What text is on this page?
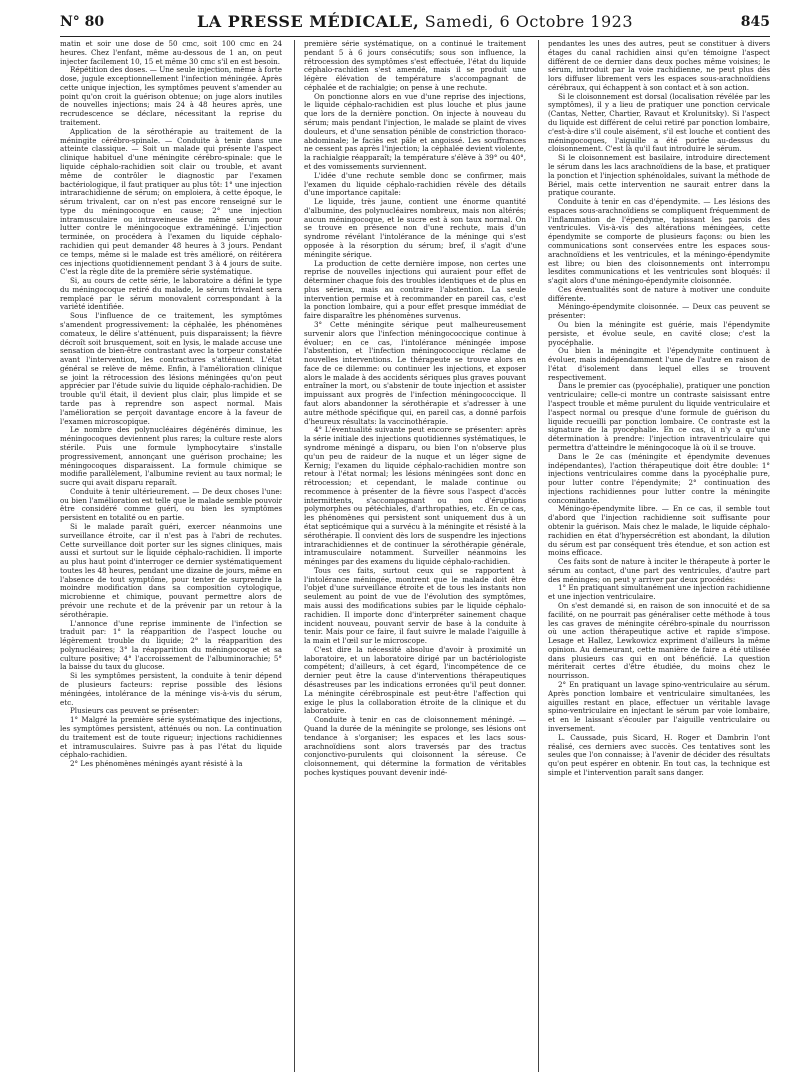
N° 80	LA PRESSE MÉDICALE, Samedi, 6 Octobre 1923	845

matin et soir une dose de 50 cmc, soit 100 cmc en 24 heures. Chez l'enfant, même au-dessous de 1 an, on peut injecter facilement 10, 15 et même 30 cmc s'il en est besoin.

Répétition des doses. — Une seule injection, même à forte dose, jugule exceptionnellement l'infection méningée. Après cette unique injection, les symptômes peuvent s'amender au point qu'on croit la guérison obtenue; on juge alors inutiles de nouvelles injections; mais 24 à 48 heures après, une recrudescence se déclare, nécessitant la reprise du traitement.

Application de la sérothérapie au traitement de la méningite cérébro-spinale. — Conduite à tenir dans une atteinte classique. — Soit un malade qui présente l'aspect clinique habituel d'une méningite cérébro-spinale: que le liquide céphalo-rachidien soit clair ou trouble, et avant même de contrôler le diagnostic par l'examen bactériologique, il faut pratiquer au plus tôt: 1° une injection intrarachidienne de sérum; on emploiera, à cette époque, le sérum trivalent, car on n'est pas encore renseigné sur le type du méningocoque en cause; 2° une injection intramusculaire ou intraveineuse de même sérum pour lutter contre le méningocoque extraméningé. L'injection terminée, on procédera à l'examen du liquide céphalo-rachidien qui peut demander 48 heures à 3 jours. Pendant ce temps, même si le malade est très amélioré, on réitérera ces injections quotidiennement pendant 3 à 4 jours de suite. C'est la règle dite de la première série systématique.

Si, au cours de cette série, le laboratoire a défini le type du méningocoque retiré du malade, le sérum trivalent sera remplacé par le sérum monovalent correspondant à la variété identifiée.

Sous l'influence de ce traitement, les symptômes s'amendent progressivement: la céphalée, les phénomènes comateux, le délire s'atténuent, puis disparaissent; la fièvre décroît soit brusquement, soit en lysis, le malade accuse une sensation de bien-être contrastant avec la torpeur constatée avant l'intervention, les contractures s'atténuent. L'état général se relève de même. Enfin, à l'amélioration clinique se joint la rétrocession des lésions méningées qu'on peut apprécier par l'étude suivie du liquide céphalo-rachidien. De trouble qu'il était, il devient plus clair, plus limpide et se tarde pas à reprendre son aspect normal. Mais l'amélioration se perçoit davantage encore à la faveur de l'examen microscopique.

Le nombre des polynucléaires dégénérés diminue, les méningocoques deviennent plus rares; la culture reste alors stérile. Puis une formule lymphocytaire s'installe progressivement, annonçant une guérison prochaine; les méningocoques disparaissent. La formule chimique se modifie parallèlement, l'albumine revient au taux normal; le sucre qui avait disparu reparaît.

Conduite à tenir ultérieurement. — De deux choses l'une: ou bien l'amélioration est telle que le malade semble pouvoir être considéré comme guéri, ou bien les symptômes persistent en totalité ou en partie.

Si le malade paraît guéri, exercer néanmoins une surveillance étroite, car il n'est pas à l'abri de rechutes. Cette surveillance doit porter sur les signes cliniques, mais aussi et surtout sur le liquide céphalo-rachidien. Il importe au plus haut point d'interroger ce dernier systématiquement toutes les 48 heures, pendant une dizaine de jours, même en l'absence de tout symptôme, pour tenter de surprendre la moindre modification dans sa composition cytologique, microbienne et chimique, pouvant permettre alors de prévoir une rechute et de la prévenir par un retour à la sérothérapie.

L'annonce d'une reprise imminente de l'infection se traduit par: 1° la réapparition de l'aspect louche ou légèrement trouble du liquide; 2° la réapparition des polynucléaires; 3° la réapparition du méningocoque et sa culture positive; 4° l'accroissement de l'albuminorachie; 5° la baisse du taux du glucose.

Si les symptômes persistent, la conduite à tenir dépend de plusieurs facteurs: reprise possible des lésions méningées, intolérance de la méninge vis-à-vis du sérum, etc.

Plusieurs cas peuvent se présenter:

1° Malgré la première série systématique des injections, les symptômes persistent, atténués ou non. La continuation du traitement est de toute rigueur; injections rachidiennes et intramusculaires. Suivre pas à pas l'état du liquide céphalo-rachidien.

2° Les phénomènes méningés ayant résisté à la

première série systématique, on a continué le traitement pendant 5 à 6 jours consécutifs; sous son influence, la rétrocession des symptômes s'est effectuée, l'état du liquide céphalo-rachidien s'est amendé, mais il se produit une légère élévation de température s'accompagnant de céphalée et de rachialgie; on pense à une rechute.

On ponctionne alors en vue d'une reprise des injections, le liquide céphalo-rachidien est plus louche et plus jaune que lors de la dernière ponction. On injecte à nouveau du sérum; mais pendant l'injection, le malade se plaint de vives douleurs, et d'une sensation pénible de constriction thoraco-abdominale; le faciès est pâle et angoissé. Les souffrances ne cessent pas après l'injection; la céphalée devient violente, la rachialgie réapparaît; la température s'élève à 39° ou 40°, et des vomissements surviennent.

L'idée d'une rechute semble donc se confirmer, mais l'examen du liquide céphalo-rachidien révèle des détails d'une importance capitale:

Le liquide, très jaune, contient une énorme quantité d'albumine, des polynucléaires nombreux, mais non altérés; aucun méningocoque, et le sucre est à son taux normal. On se trouve en présence non d'une rechute, mais d'un syndrome révélant l'intolérance de la méninge qui s'est opposée à la résorption du sérum; bref, il s'agit d'une méningite sérique.

La production de cette dernière impose, non certes une reprise de nouvelles injections qui auraient pour effet de déterminer chaque fois des troubles identiques et de plus en plus sérieux, mais au contraire l'abstention. La seule intervention permise et à recommander en pareil cas, c'est la ponction lombaire, qui a pour effet presque immédiat de faire disparaître les phénomènes survenus.

3° Cette méningite sérique peut malheureusement survenir alors que l'infection méningococcique continue à évoluer; en ce cas, l'intolérance méningée impose l'abstention, et l'infection méningococcique réclame de nouvelles interventions. Le thérapeute se trouve alors en face de ce dilemme: ou continuer les injections, et exposer alors le malade à des accidents sériques plus graves pouvant entraîner la mort, ou s'abstenir de toute injection et assister impuissant aux progrès de l'infection méningococcique. Il faut alors abandonner la sérothérapie et s'adresser à une autre méthode spécifique qui, en pareil cas, a donné parfois d'heureux résultats: la vaccinothérapie.

4° L'éventualité suivante peut encore se présenter: après la série initiale des injections quotidiennes systématiques, le syndrome méningé a disparu, ou bien l'on n'observe plus qu'un peu de raideur de la nuque et un léger signe de Kernig; l'examen du liquide céphalo-rachidien montre son retour à l'état normal; les lésions méningées sont donc en rétrocession; et cependant, le malade continue ou recommence à présenter de la fièvre sous l'aspect d'accès intermittents, s'accompagnant ou non d'éruptions polymorphes ou pétéchiales, d'arthropathies, etc. En ce cas, les phénomènes qui persistent sont uniquement dus à un état septicémique qui a survécu à la méningite et résisté à la sérothérapie. Il convient dès lors de suspendre les injections intrarachidiennes et de continuer la sérothérapie générale, intramusculaire notamment. Surveiller néanmoins les méninges par des examens du liquide céphalo-rachidien.

Tous ces faits, surtout ceux qui se rapportent à l'intolérance méningée, montrent que le malade doit être l'objet d'une surveillance étroite et de tous les instants non seulement au point de vue de l'évolution des symptômes, mais aussi des modifications subies par le liquide céphalo-rachidien. Il importe donc d'interpréter sainement chaque incident nouveau, pouvant servir de base à la conduite à tenir. Mais pour ce faire, il faut suivre le malade l'aiguille à la main et l'œil sur le microscope.

C'est dire la nécessité absolue d'avoir à proximité un laboratoire, et un laboratoire dirigé par un bactériologiste compétent; d'ailleurs, à cet égard, l'incompétence de ce dernier peut être la cause d'interventions thérapeutiques désastreuses par les indications erronées qu'il peut donner. La méningite cérébrospinale est peut-être l'affection qui exige le plus la collaboration étroite de la clinique et du laboratoire.

Conduite à tenir en cas de cloisonnement méningé. — Quand la durée de la méningite se prolonge, ses lésions ont tendance à s'organiser; les espaces et les lacs sous-arachnoïdiens sont alors traversés par des tractus conjonctivo-purulents qui cloisonnent la séreuse. Ce cloisonnement, qui détermine la formation de véritables poches kystiques pouvant devenir indé-

pendantes les unes des autres, peut se constituer à divers étages du canal rachidien ainsi qu'en témoigne l'aspect différent de ce dernier dans deux poches même voisines; le sérum, introduit par la voie rachidienne, ne peut plus dès lors diffuser librement vers les espaces sous-arachnoïdiens cérébraux, qui échappent à son contact et à son action.

Si le cloisonnement est dorsal (localisation révélée par les symptômes), il y a lieu de pratiquer une ponction cervicale (Cantas, Netter, Chartier, Ravaut et Krolunitsky). Si l'aspect du liquide est différent de celui retiré par ponction lombaire, c'est-à-dire s'il coule aisément, s'il est louche et contient des méningocoques, l'aiguille a été portée au-dessus du cloisonnement. C'est là qu'il faut introduire le sérum.

Si le cloisonnement est basilaire, introduire directement le sérum dans les lacs arachnoïdiens de la base, et pratiquer la ponction et l'injection sphénoïdales, suivant la méthode de Bériel, mais cette intervention ne saurait entrer dans la pratique courante.

Conduite à tenir en cas d'épendymite. — Les lésions des espaces sous-arachnoïdiens se compliquent fréquemment de l'inflammation de l'épendyme, tapissant les parois des ventricules. Vis-à-vis des altérations méningées, cette épendymite se comporte de plusieurs façons: ou bien les communications sont conservées entre les espaces sous-arachnoïdiens et les ventricules, et la méningo-épendymite est libre; ou bien des cloisonnements ont interrompu lesdites communications et les ventricules sont bloqués: il s'agit alors d'une méningo-épendymite cloisonnée.

Ces éventualités sont de nature à motiver une conduite différente.

Méningo-épendymite cloisonnée. — Deux cas peuvent se présenter:

Ou bien la méningite est guérie, mais l'épendymite persiste, et évolue seule, en cavité close; c'est la pyocéphalie.

Ou bien la méningite et l'épendymite continuent à évoluer, mais indépendamment l'une de l'autre en raison de l'état d'isolement dans lequel elles se trouvent respectivement.

Dans le premier cas (pyocéphalie), pratiquer une ponction ventriculaire; celle-ci montre un contraste saisissant entre l'aspect trouble et même purulent du liquide ventriculaire et l'aspect normal ou presque d'une formule de guérison du liquide recueilli par ponction lombaire. Ce contraste est la signature de la pyocéphalie. En ce cas, il n'y a qu'une détermination à prendre: l'injection intraventriculaire qui permettra d'atteindre le méningocoque là où il se trouve.

Dans le 2e cas (méningite et épendymite devenues indépendantes), l'action thérapeutique doit être double: 1° injections ventriculaires comme dans la pyocéphalie pure, pour lutter contre l'épendymite; 2° continuation des injections rachidiennes pour lutter contre la méningite concomitante.

Méningo-épendymite libre. — En ce cas, il semble tout d'abord que l'injection rachidienne soit suffisante pour obtenir la guérison. Mais chez le malade, le liquide céphalo-rachidien en état d'hypersécrétion est abondant, la dilution du sérum est par conséquent très étendue, et son action est moins efficace.

Ces faits sont de nature à inciter le thérapeute à porter le sérum au contact, d'une part des ventricules, d'autre part des méninges; on peut y arriver par deux procédés:

1° En pratiquant simultanément une injection rachidienne et une injection ventriculaire.

On s'est demandé si, en raison de son innocuité et de sa facilité, on ne pourrait pas généraliser cette méthode à tous les cas graves de méningite cérébro-spinale du nourrisson où une action thérapeutique active et rapide s'impose. Lesage et Hallez, Lewkowicz expriment d'ailleurs la même opinion. Au demeurant, cette manière de faire a été utilisée dans plusieurs cas qui en ont bénéficié. La question mériterait certes d'être étudiée, du moins chez le nourrisson.

2° En pratiquant un lavage spino-ventriculaire au sérum. Après ponction lombaire et ventriculaire simultanées, les aiguilles restant en place, effectuer un véritable lavage spino-ventriculaire en injectant le sérum par voie lombaire, et en le laissant s'écouler par l'aiguille ventriculaire ou inversement.

L. Caussade, puis Sicard, H. Roger et Dambrin l'ont réalisé, ces derniers avec succès. Ces tentatives sont les seules que l'on connaisse; à l'avenir de décider des résultats qu'on peut espérer en obtenir. En tout cas, la technique est simple et l'intervention paraît sans danger.
